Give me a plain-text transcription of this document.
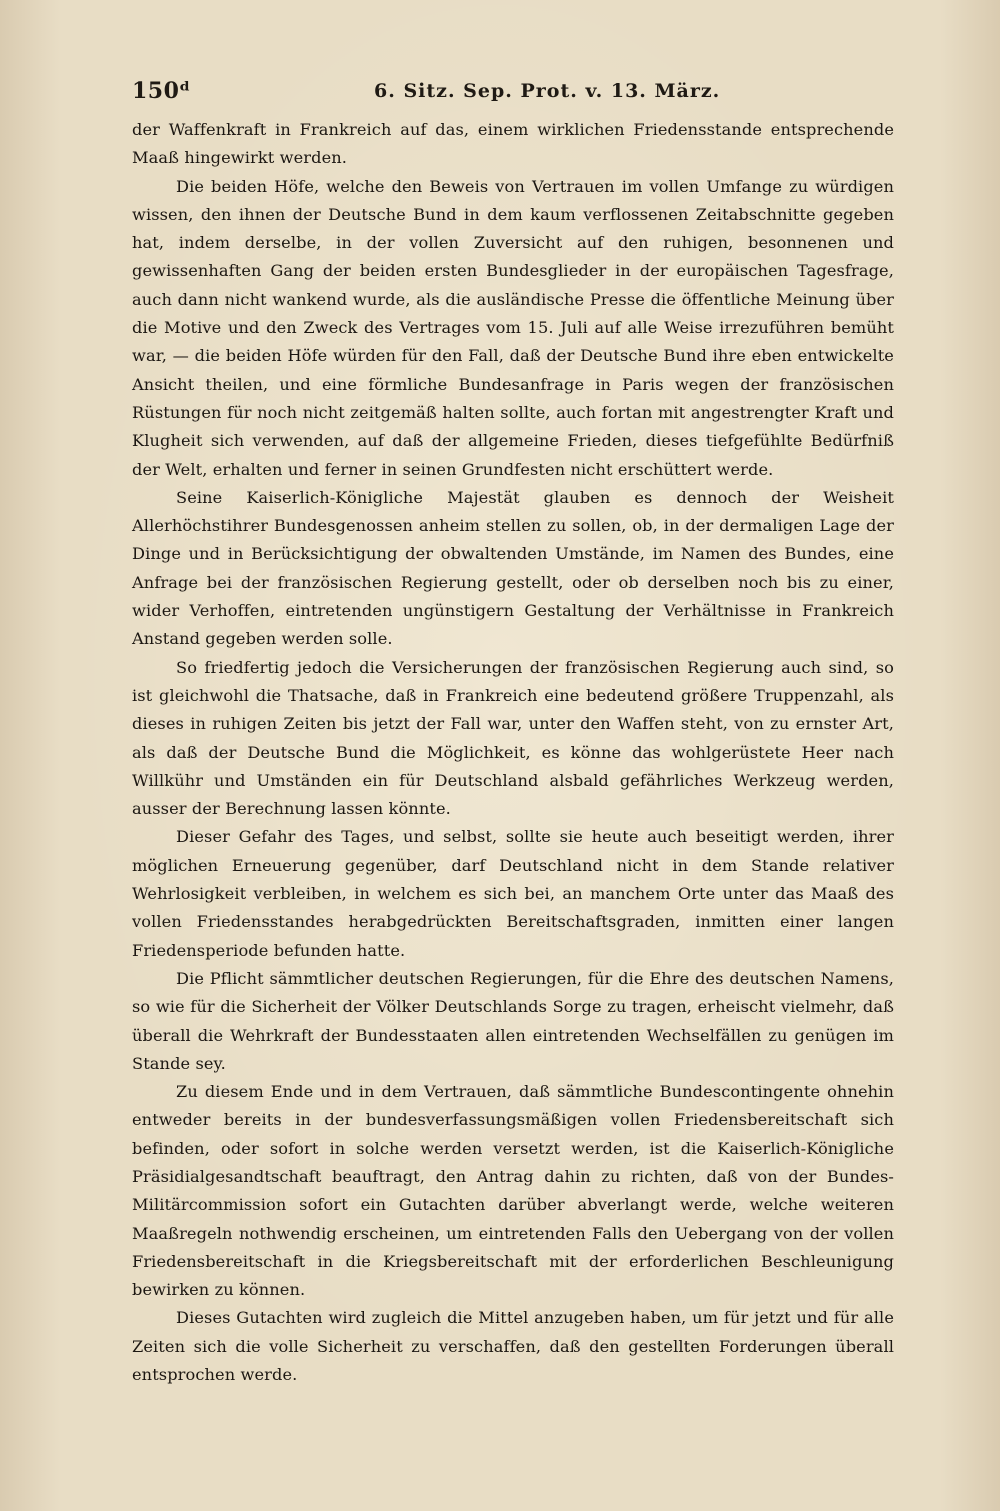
150ᵈ	6. Sitz. Sep. Prot. v. 13. März.

der Waffenkraft in Frankreich auf das, einem wirklichen Friedensstande entsprechende Maaß hingewirkt werden.

Die beiden Höfe, welche den Beweis von Vertrauen im vollen Umfange zu würdigen wissen, den ihnen der Deutsche Bund in dem kaum verflossenen Zeitabschnitte gegeben hat, indem derselbe, in der vollen Zuversicht auf den ruhigen, besonnenen und gewissenhaften Gang der beiden ersten Bundesglieder in der europäischen Tagesfrage, auch dann nicht wankend wurde, als die ausländische Presse die öffentliche Meinung über die Motive und den Zweck des Vertrages vom 15. Juli auf alle Weise irrezuführen bemüht war, — die beiden Höfe würden für den Fall, daß der Deutsche Bund ihre eben entwickelte Ansicht theilen, und eine förmliche Bundesanfrage in Paris wegen der französischen Rüstungen für noch nicht zeitgemäß halten sollte, auch fortan mit angestrengter Kraft und Klugheit sich verwenden, auf daß der allgemeine Frieden, dieses tiefgefühlte Bedürfniß der Welt, erhalten und ferner in seinen Grundfesten nicht erschüttert werde.

Seine Kaiserlich-Königliche Majestät glauben es dennoch der Weisheit Allerhöchstihrer Bundesgenossen anheim stellen zu sollen, ob, in der dermaligen Lage der Dinge und in Berücksichtigung der obwaltenden Umstände, im Namen des Bundes, eine Anfrage bei der französischen Regierung gestellt, oder ob derselben noch bis zu einer, wider Verhoffen, eintretenden ungünstigern Gestaltung der Verhältnisse in Frankreich Anstand gegeben werden solle.

So friedfertig jedoch die Versicherungen der französischen Regierung auch sind, so ist gleichwohl die Thatsache, daß in Frankreich eine bedeutend größere Truppenzahl, als dieses in ruhigen Zeiten bis jetzt der Fall war, unter den Waffen steht, von zu ernster Art, als daß der Deutsche Bund die Möglichkeit, es könne das wohlgerüstete Heer nach Willkühr und Umständen ein für Deutschland alsbald gefährliches Werkzeug werden, ausser der Berechnung lassen könnte.

Dieser Gefahr des Tages, und selbst, sollte sie heute auch beseitigt werden, ihrer möglichen Erneuerung gegenüber, darf Deutschland nicht in dem Stande relativer Wehrlosigkeit verbleiben, in welchem es sich bei, an manchem Orte unter das Maaß des vollen Friedensstandes herabgedrückten Bereitschaftsgraden, inmitten einer langen Friedensperiode befunden hatte.

Die Pflicht sämmtlicher deutschen Regierungen, für die Ehre des deutschen Namens, so wie für die Sicherheit der Völker Deutschlands Sorge zu tragen, erheischt vielmehr, daß überall die Wehrkraft der Bundesstaaten allen eintretenden Wechselfällen zu genügen im Stande sey.

Zu diesem Ende und in dem Vertrauen, daß sämmtliche Bundescontingente ohnehin entweder bereits in der bundesverfassungsmäßigen vollen Friedensbereitschaft sich befinden, oder sofort in solche werden versetzt werden, ist die Kaiserlich-Königliche Präsidialgesandtschaft beauftragt, den Antrag dahin zu richten, daß von der Bundes-Militärcommission sofort ein Gutachten darüber abverlangt werde, welche weiteren Maaßregeln nothwendig erscheinen, um eintretenden Falls den Uebergang von der vollen Friedensbereitschaft in die Kriegsbereitschaft mit der erforderlichen Beschleunigung bewirken zu können.

Dieses Gutachten wird zugleich die Mittel anzugeben haben, um für jetzt und für alle Zeiten sich die volle Sicherheit zu verschaffen, daß den gestellten Forderungen überall entsprochen werde.
